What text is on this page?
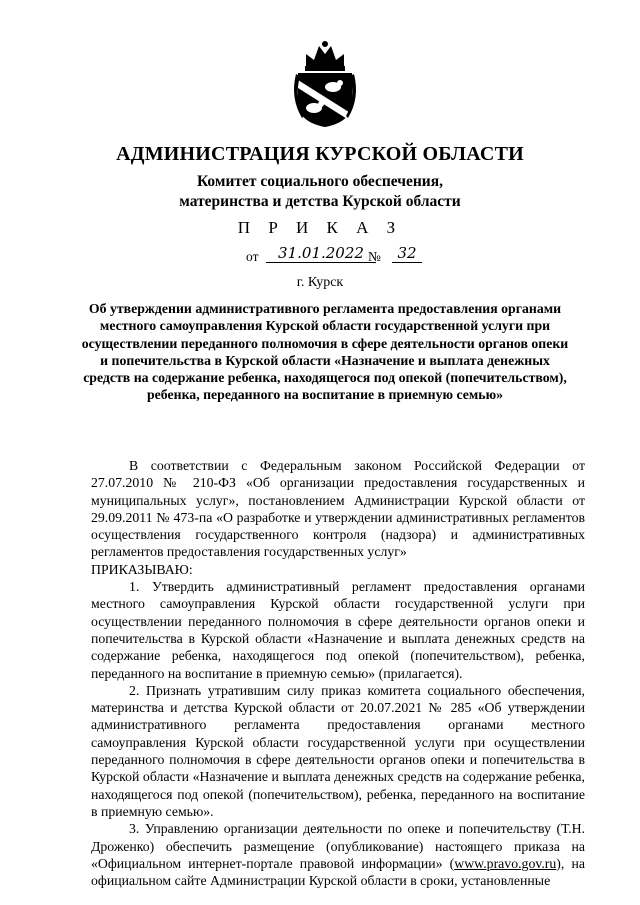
АДМИНИСТРАЦИЯ КУРСКОЙ ОБЛАСТИ
Комитет социального обеспечения,
материнства и детства Курской области
П Р И К А З
от	31.01.2022 №	32
г. Курск
Об утверждении административного регламента предоставления органами местного самоуправления Курской области государственной услуги при осуществлении переданного полномочия в сфере деятельности органов опеки и попечительства в Курской области «Назначение и выплата денежных средств на содержание ребенка, находящегося под опекой (попечительством), ребенка, переданного на воспитание в приемную семью»

В соответствии с Федеральным законом Российской Федерации от 27.07.2010 № 210-ФЗ «Об организации предоставления государственных и муниципальных услуг», постановлением Администрации Курской области от 29.09.2011 № 473-па «О разработке и утверждении административных регламентов осуществления государственного контроля (надзора) и административных регламентов предоставления государственных услуг»

ПРИКАЗЫВАЮ:

1. Утвердить административный регламент предоставления органами местного самоуправления Курской области государственной услуги при осуществлении переданного полномочия в сфере деятельности органов опеки и попечительства в Курской области «Назначение и выплата денежных средств на содержание ребенка, находящегося под опекой (попечительством), ребенка, переданного на воспитание в приемную семью» (прилагается).

2. Признать утратившим силу приказ комитета социального обеспечения, материнства и детства Курской области от 20.07.2021 № 285 «Об утверждении административного регламента предоставления органами местного самоуправления Курской области государственной услуги при осуществлении переданного полномочия в сфере деятельности органов опеки и попечительства в Курской области «Назначение и выплата денежных средств на содержание ребенка, находящегося под опекой (попечительством), ребенка, переданного на воспитание в приемную семью».

3. Управлению организации деятельности по опеке и попечительству (Т.Н. Дроженко) обеспечить размещение (опубликование) настоящего приказа на «Официальном интернет-портале правовой информации» (www.pravo.gov.ru), на официальном сайте Администрации Курской области в сроки, установленные
